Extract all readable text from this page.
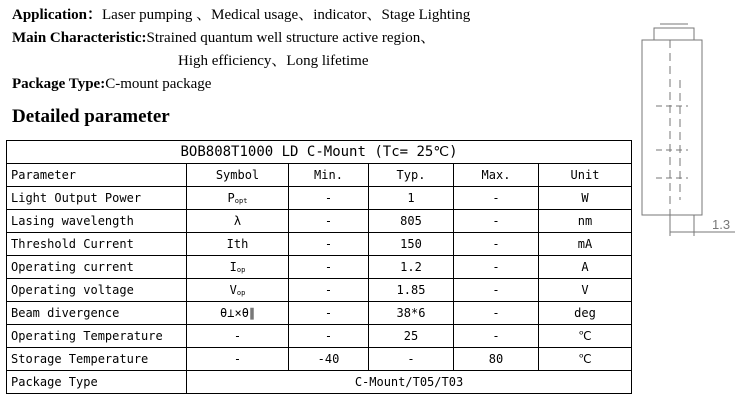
Application：Laser pumping 、Medical usage、indicator、Stage Lighting
Main Characteristic:Strained quantum well structure active region、
High efficiency、Long lifetime
Package Type:C-mount package
Detailed parameter
BOB808T1000 LD C-Mount (Tc= 25℃)					
Parameter	Symbol	Min.	Typ.	Max.	Unit
Light Output Power	$P_{opt}$	-	1	-	W
Lasing wavelength	λ	-	805	-	nm
Threshold Current	Ith	-	150	-	mA
Operating current	$I_{op}$	-	1.2	-	A
Operating voltage	$V_{op}$	-	1.85	-	V
Beam divergence	θ⊥×θ∥	-	38*6	-	deg
Operating Temperature	-	-	25	-	℃
Storage Temperature	-	-40	-	80	℃
Package Type	C-Mount/T05/T03				
1.3
